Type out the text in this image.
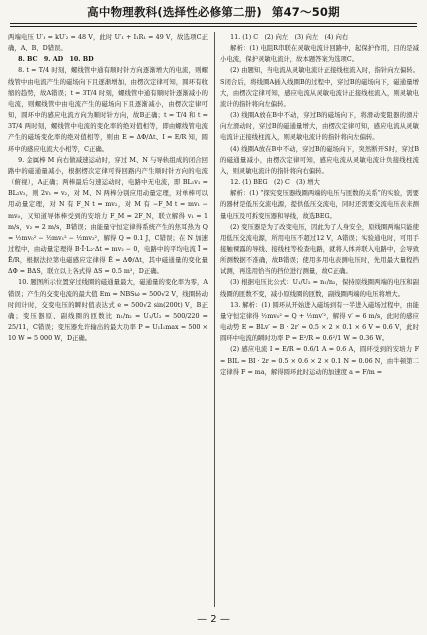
高中物理教科(选择性必修第二册) 第47～50期

两端电压 U′₁ = kU′₂ = 48 V，此时 U′₁ + I₁R₁ = 49 V，故选项C正确，A、B、D错误。

8. BC　9. AD　10. BD

8. t = T/4 时刻，螺线管中通有顺时针方向逐渐增大的电流，则螺线管中由电流产生的磁场向下且逐渐增加，由楞次定律可知，圆环有收缩的趋势，故A错误；t = 3T/4 时刻，螺线管中通有顺时针逐渐减小的电流，则螺线管中由电流产生的磁场向下且逐渐减小，由楞次定律可知，圆环中的感应电流方向为顺时针方向，故B正确；t = T/4 和 t = 3T/4 两时刻，螺线管中电流的变化率的绝对值相等，即由螺线管电流产生的磁场变化率的绝对值相等，则由 E = ΔΦ/Δt、I = E/R 知，圆环中的感应电流大小相等，C正确。

9. 金属棒 M 向右做减速运动时，穿过 M、N 与导轨组成的闭合回路中的磁通量减小，根据楞次定律可得回路内产生顺时针方向的电流（俯视），A正确；两棒最后匀速运动时，电路中无电流，即 BL₁v₁ = BL₂v₂，则 2v₁ = v₂，对 M、N 两棒分别应用动量定理，对单棒可以用动量定理，对 N 有 F_N t = mv₂，对 M 有 −F_M t = mv₁ − mv₀，又知道导体棒受到的安培力 F_M = 2F_N，联立解得 v₁ = 1 m/s，v₂ = 2 m/s，B错误；由能量守恒定律得系统产生的焦耳热为 Q = ½mv₀² − ½mv₁² − ½mv₂²，解得 Q = 0.1 J，C错误；在 N 加速过程中，由动量定理得 B·Ī·L₂·Δt = mv₂ − 0，电路中的平均电流 Ī = Ē/R，根据法拉第电磁感应定律得 Ē = ΔΦ/Δt，其中磁通量的变化量 ΔΦ = BΔS，联立以上各式得 ΔS = 0.5 m²，D正确。

10. 题图所示位置穿过线圈的磁通量最大，磁通量的变化率为零，A错误；产生的交变电流的最大值 Em = NBSω = 500√2 V，线圈转动时间计时，交变电压的瞬时值表达式 e = 500√2 sin(200t) V，B正确；变压器原、副线圈的匝数比 n₁/n₂ = U₁/U₂ = 500/220 = 25/11，C错误；变压器允许输出的最大功率 P = U₁I₁max = 500 × 10 W = 5 000 W，D正确。

11. (1) C　(2) 向左　(3) 向左　(4) 向右

解析：(1) 电阻R串联在灵敏电流计回路中，起保护作用，目的是减小电流，保护灵敏电流计，故本题答案为选项C。

(2) 由题知，当电流从灵敏电流计正接线柱流入时，指针向左偏转。S闭合后，将线圈A插入线圈B的过程中，穿过B的磁场向下，磁通量增大，由楞次定律可知，感应电流从灵敏电流计正接线柱流入，则灵敏电流计的指针将向左偏转。

(3) 线圈A放在B中不动，穿过B的磁场向下，将滑动变阻器的滑片向左滑动时，穿过B的磁通量增大，由楞次定律可知，感应电流从灵敏电流计正接线柱流入，则灵敏电流计的指针将向左偏转。

(4) 线圈A放在B中不动，穿过B的磁场向下，突然断开S时，穿过B的磁通量减小，由楞次定律可知，感应电流从灵敏电流计负接线柱流入，则灵敏电流计的指针将向右偏转。

12. (1) BEG　(2) C　(3) 增大

解析：(1) “探究变压器线圈两端的电压与匝数的关系”的实验，需要的器材是低压交流电源，提供低压交流电，同时还需要交流电压表来测量电压及可拆变压器和导线，故选BEG。

(2) 变压器是为了改变电压，因此为了人身安全，原线圈两端只能使用低压交流电源，所用电压不超过12 V，A错误；实验通电时，可用手接触裸露的导线、接线柱等检查电路，就将人体并联入电路中，会导致所测数据不准确，故B错误；使用多用电表测电压时，先用最大量程挡试测，再选用恰当的挡位进行测量，故C正确。

(3) 根据电压比公式：U₁/U₂ = n₁/n₂，保持原线圈两端的电压和副线圈的匝数不变，减小原线圈的匝数，副线圈两端的电压将增大。

13. 解析：(1) 圆环从开始进入磁场到有一半进入磁场过程中，由能量守恒定律得 ½mv₀² = Q + ½mv′²，解得 v′ = 6 m/s，此时的感应电动势 E = BLv′ = B · 2r′ = 0.5 × 2 × 0.1 × 6 V = 0.6 V，此时圆环中电流的瞬时功率 P = E²/R = 0.6²/1 W = 0.36 W。

(2) 感应电流 I = E/R = 0.6/1 A = 0.6 A，圆环受到的安培力 F = BIL = BI · 2r = 0.5 × 0.6 × 2 × 0.1 N = 0.06 N，由牛顿第二定律得 F = ma，解得圆环此时运动的加速度 a = F/m =

— 2 —
